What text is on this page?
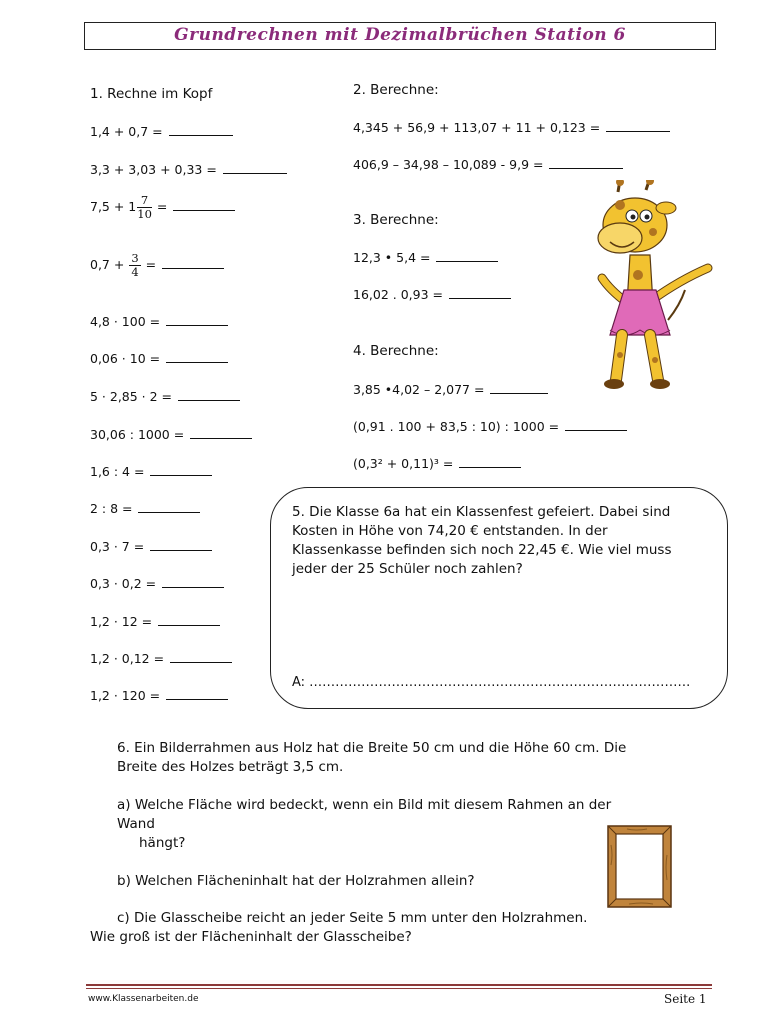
Grundrechnen mit Dezimalbrüchen Station 6
1. Rechne im Kopf
1,4 + 0,7 =
3,3 + 3,03 + 0,33 =
$7,5 + 1 \frac{7}{10}$ =
$0,7 + \frac{3}{4}$ =
4,8 · 100 =
0,06 · 10 =
5 · 2,85 · 2 =
30,06 : 1000 =
1,6 : 4 =
2 : 8 =
0,3 · 7 =
0,3 · 0,2 =
1,2 · 12 =
1,2 · 0,12 =
1,2 · 120 =
2. Berechne:
4,345 + 56,9 + 113,07 + 11 + 0,123 =
406,9 – 34,98 – 10,089 - 9,9 =
3. Berechne:
12,3 • 5,4 =
16,02 . 0,93 =
4. Berechne:
3,85 •4,02 – 2,077 =
(0,91 . 100 + 83,5 : 10) : 1000 =
(0,3² + 0,11)³ =
5. Die Klasse 6a hat ein Klassenfest gefeiert. Dabei sind
Kosten in Höhe von 74,20 € entstanden. In der
Klassenkasse befinden sich noch 22,45 €. Wie viel muss
jeder der 25 Schüler noch zahlen?
A: …………………………………………………………………………….
6. Ein Bilderrahmen aus Holz hat die Breite 50 cm und die Höhe 60 cm. Die
Breite des Holzes beträgt 3,5 cm.
a) Welche Fläche wird bedeckt, wenn ein Bild mit diesem Rahmen an der
Wand
hängt?
b) Welchen Flächeninhalt hat der Holzrahmen allein?
c) Die Glasscheibe reicht an jeder Seite 5 mm unter den Holzrahmen.
Wie groß ist der Flächeninhalt der Glasscheibe?
www.Klassenarbeiten.de	Seite 1
